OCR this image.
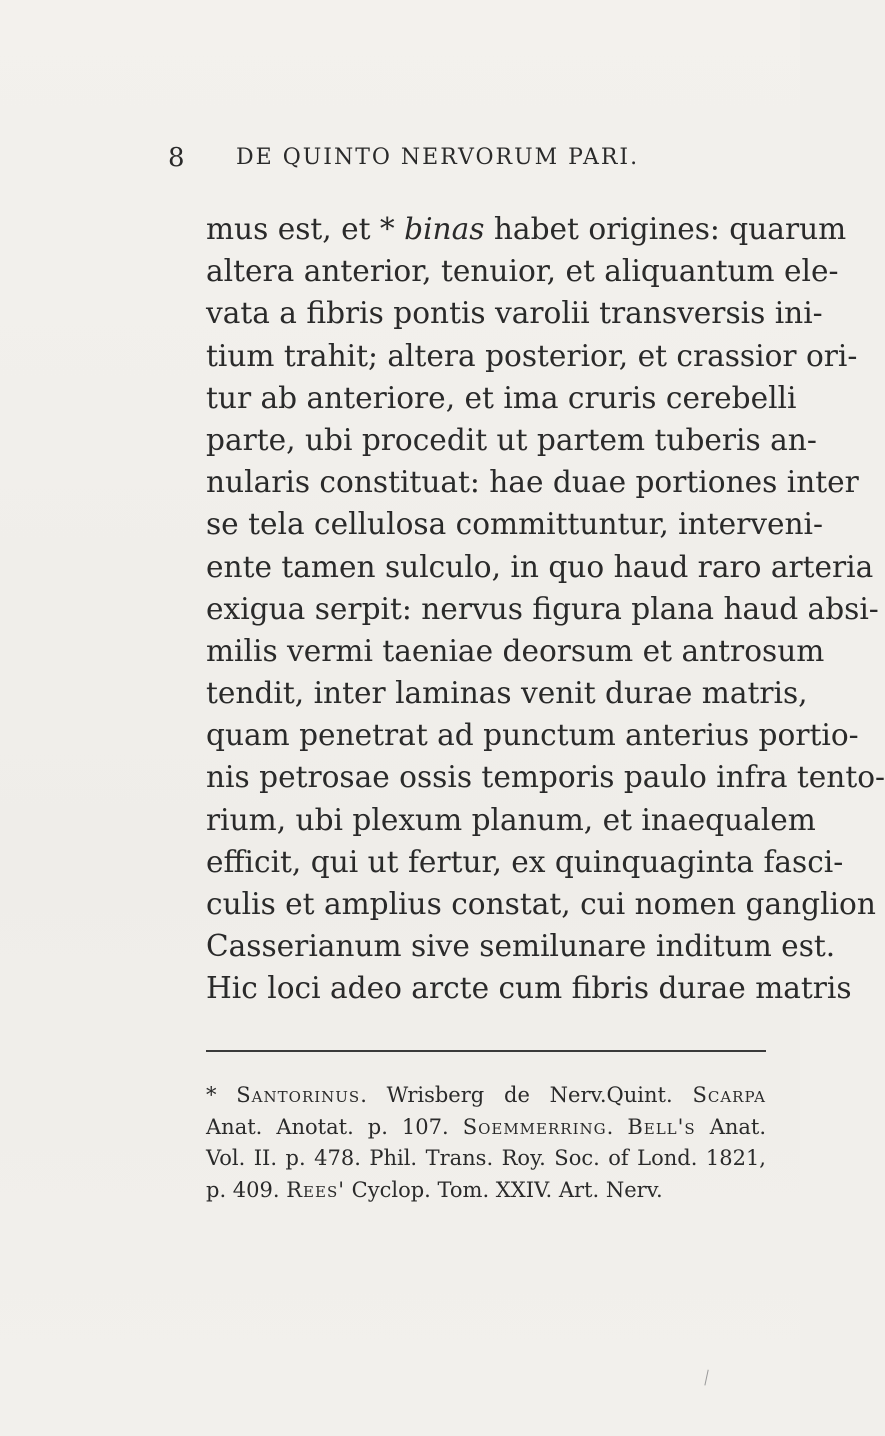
8 DE QUINTO NERVORUM PARI.
mus est, et * binas habet origines: quarum
altera anterior, tenuior, et aliquantum ele-
vata a fibris pontis varolii transversis ini-
tium trahit; altera posterior, et crassior ori-
tur ab anteriore, et ima cruris cerebelli
parte, ubi procedit ut partem tuberis an-
nularis constituat: hae duae portiones inter
se tela cellulosa committuntur, interveni-
ente tamen sulculo, in quo haud raro arteria
exigua serpit: nervus figura plana haud absi-
milis vermi taeniae deorsum et antrosum
tendit, inter laminas venit durae matris,
quam penetrat ad punctum anterius portio-
nis petrosae ossis temporis paulo infra tento-
rium, ubi plexum planum, et inaequalem
efficit, qui ut fertur, ex quinquaginta fasci-
culis et amplius constat, cui nomen ganglion
Casserianum sive semilunare inditum est.
Hic loci adeo arcte cum fibris durae matris
* Santorinus. Wrisberg de Nerv.Quint. Scarpa
Anat. Anotat. p. 107. Soemmerring. Bell's Anat.
Vol. II. p. 478. Phil. Trans. Roy. Soc. of Lond. 1821,
p. 409. Rees' Cyclop. Tom. XXIV. Art. Nerv.
